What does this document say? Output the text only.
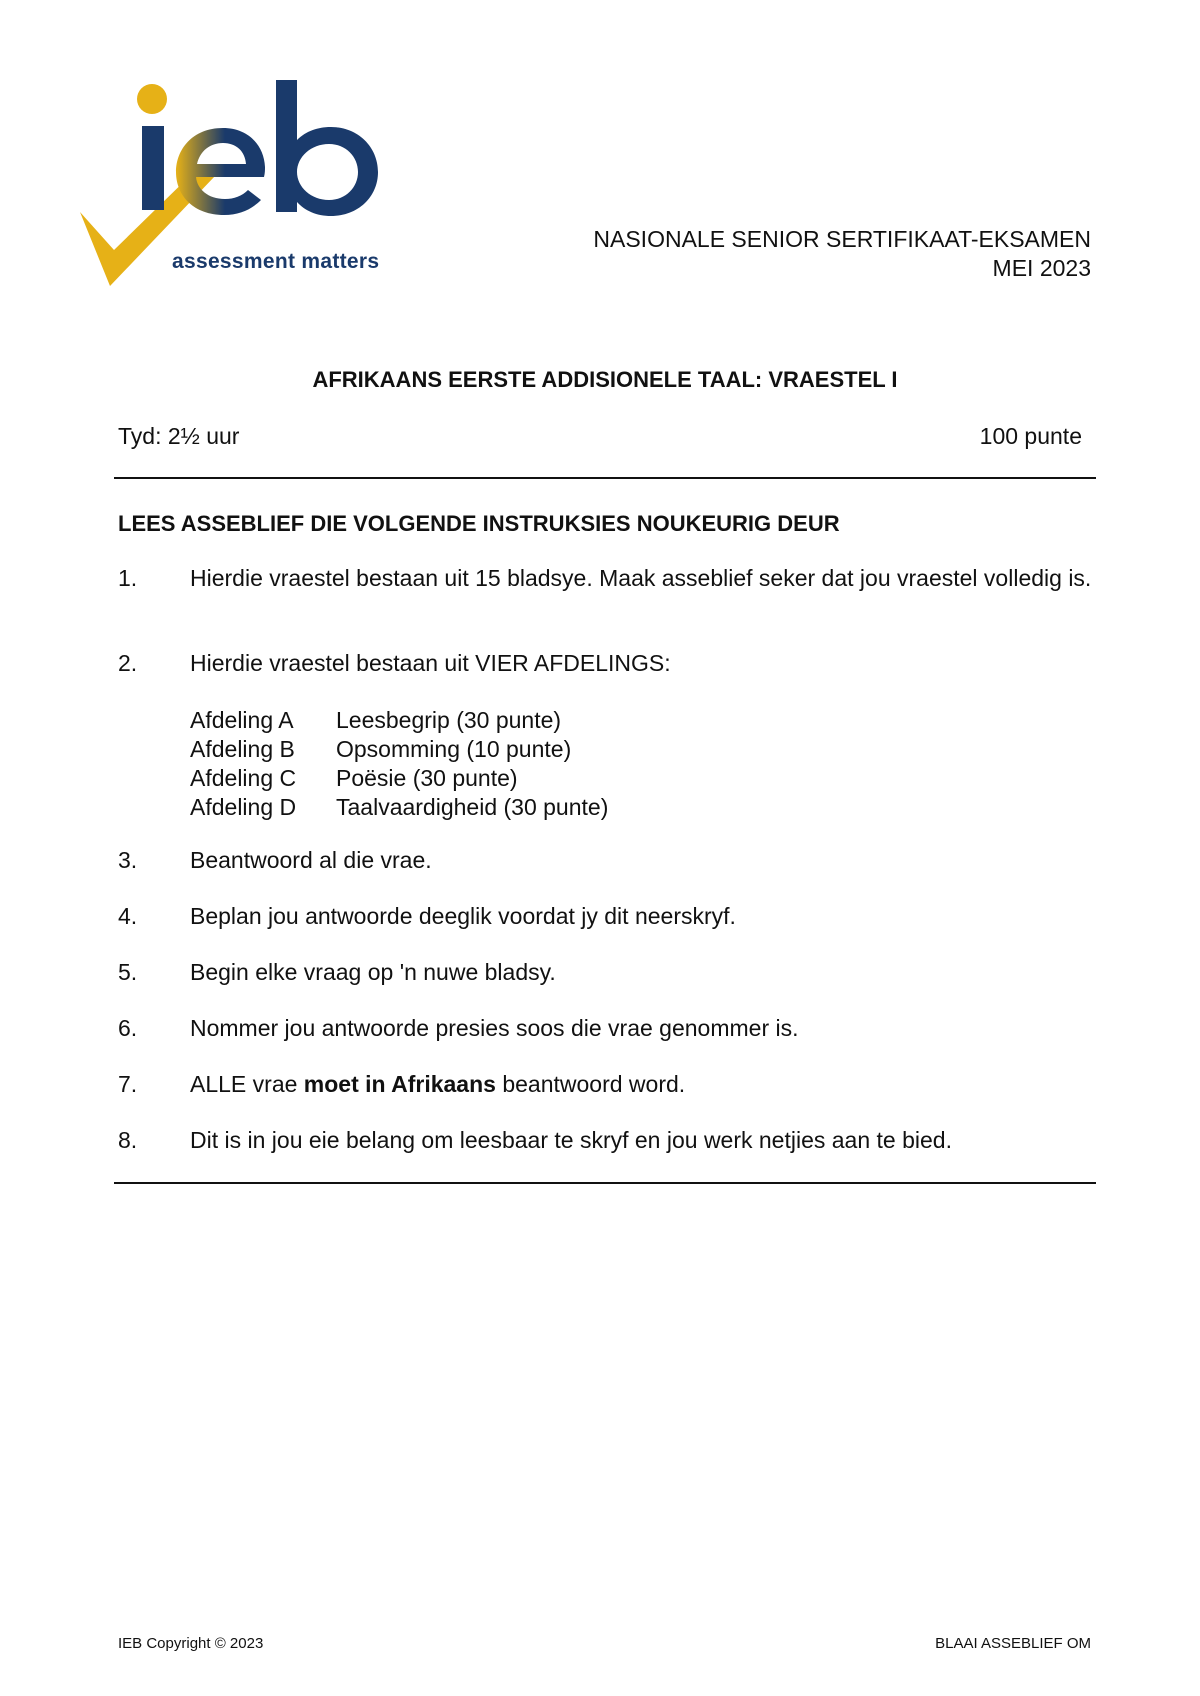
assessment matters
NASIONALE SENIOR SERTIFIKAAT-EKSAMEN
MEI 2023
AFRIKAANS EERSTE ADDISIONELE TAAL: VRAESTEL I
Tyd: 2½ uur	100 punte
LEES ASSEBLIEF DIE VOLGENDE INSTRUKSIES NOUKEURIG DEUR
1. Hierdie vraestel bestaan uit 15 bladsye. Maak asseblief seker dat jou vraestel volledig is.
2. Hierdie vraestel bestaan uit VIER AFDELINGS:
Afdeling A	Leesbegrip (30 punte)
Afdeling B	Opsomming (10 punte)
Afdeling C	Poësie (30 punte)
Afdeling D	Taalvaardigheid (30 punte)
3. Beantwoord al die vrae.
4. Beplan jou antwoorde deeglik voordat jy dit neerskryf.
5. Begin elke vraag op 'n nuwe bladsy.
6. Nommer jou antwoorde presies soos die vrae genommer is.
7. ALLE vrae moet in Afrikaans beantwoord word.
8. Dit is in jou eie belang om leesbaar te skryf en jou werk netjies aan te bied.
IEB Copyright © 2023	BLAAI ASSEBLIEF OM
